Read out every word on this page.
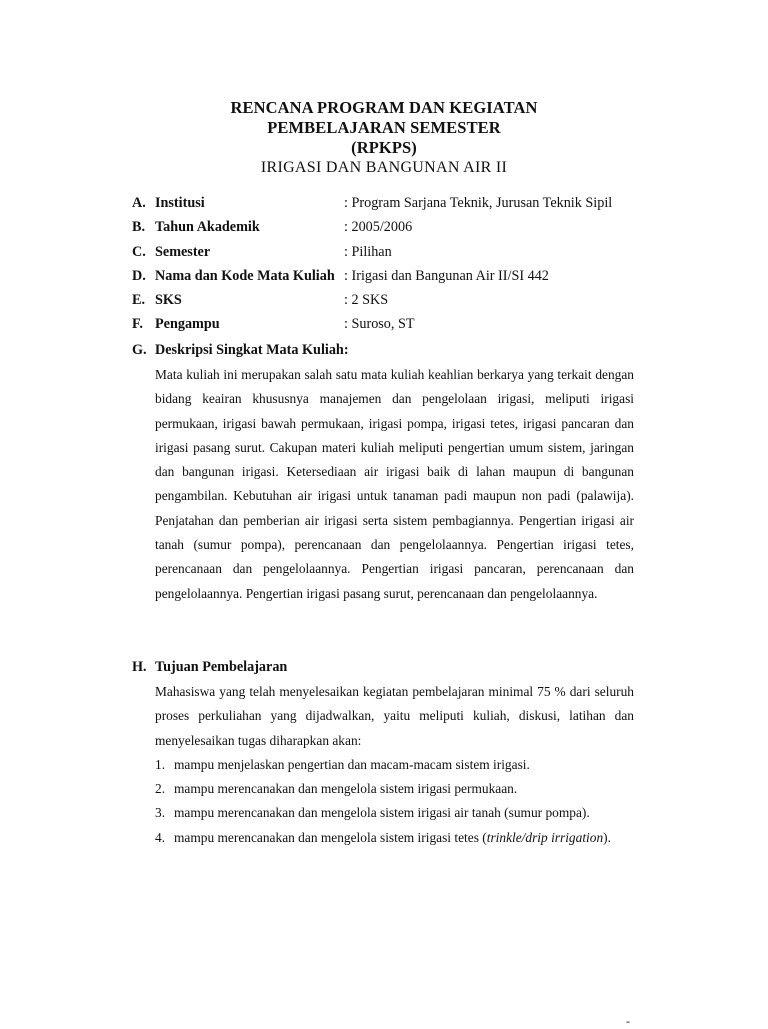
RENCANA PROGRAM DAN KEGIATAN
PEMBELAJARAN SEMESTER
(RPKPS)
IRIGASI DAN BANGUNAN AIR II
A. Institusi	: Program Sarjana Teknik, Jurusan Teknik Sipil
B. Tahun Akademik	: 2005/2006
C. Semester	: Pilihan
D. Nama dan Kode Mata Kuliah : Irigasi dan Bangunan Air II/SI 442
E. SKS	: 2 SKS
F. Pengampu	: Suroso, ST
G. Deskripsi Singkat Mata Kuliah:
Mata kuliah ini merupakan salah satu mata kuliah keahlian berkarya yang terkait dengan bidang keairan khususnya manajemen dan pengelolaan irigasi, meliputi irigasi permukaan, irigasi bawah permukaan, irigasi pompa, irigasi tetes, irigasi pancaran dan irigasi pasang surut. Cakupan materi kuliah meliputi pengertian umum sistem, jaringan dan bangunan irigasi. Ketersediaan air irigasi baik di lahan maupun di bangunan pengambilan. Kebutuhan air irigasi untuk tanaman padi maupun non padi (palawija). Penjatahan dan pemberian air irigasi serta sistem pembagiannya. Pengertian irigasi air tanah (sumur pompa), perencanaan dan pengelolaannya. Pengertian irigasi tetes, perencanaan dan pengelolaannya. Pengertian irigasi pancaran, perencanaan dan pengelolaannya. Pengertian irigasi pasang surut, perencanaan dan pengelolaannya.
H. Tujuan Pembelajaran
Mahasiswa yang telah menyelesaikan kegiatan pembelajaran minimal 75 % dari seluruh proses perkuliahan yang dijadwalkan, yaitu meliputi kuliah, diskusi, latihan dan menyelesaikan tugas diharapkan akan:
1. mampu menjelaskan pengertian dan macam-macam sistem irigasi.
2. mampu merencanakan dan mengelola sistem irigasi permukaan.
3. mampu merencanakan dan mengelola sistem irigasi air tanah (sumur pompa).
4. mampu merencanakan dan mengelola sistem irigasi tetes (trinkle/drip irrigation).
-
